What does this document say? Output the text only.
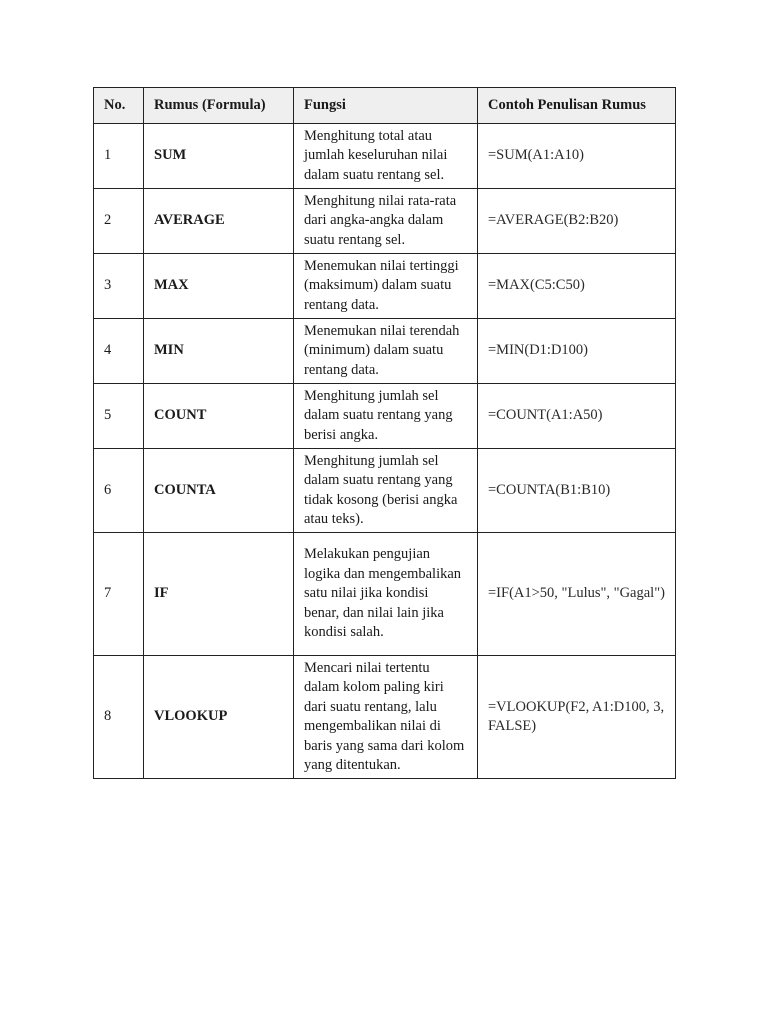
No.	Rumus (Formula)	Fungsi	Contoh Penulisan Rumus
1	SUM	Menghitung total atau jumlah keseluruhan nilai dalam suatu rentang sel.	=SUM(A1:A10)
2	AVERAGE	Menghitung nilai rata-rata dari angka-angka dalam suatu rentang sel.	=AVERAGE(B2:B20)
3	MAX	Menemukan nilai tertinggi (maksimum) dalam suatu rentang data.	=MAX(C5:C50)
4	MIN	Menemukan nilai terendah (minimum) dalam suatu rentang data.	=MIN(D1:D100)
5	COUNT	Menghitung jumlah sel dalam suatu rentang yang berisi angka.	=COUNT(A1:A50)
6	COUNTA	Menghitung jumlah sel dalam suatu rentang yang tidak kosong (berisi angka atau teks).	=COUNTA(B1:B10)
7	IF	Melakukan pengujian logika dan mengembalikan satu nilai jika kondisi benar, dan nilai lain jika kondisi salah.	=IF(A1>50, "Lulus", "Gagal")
8	VLOOKUP	Mencari nilai tertentu dalam kolom paling kiri dari suatu rentang, lalu mengembalikan nilai di baris yang sama dari kolom yang ditentukan.	=VLOOKUP(F2, A1:D100, 3, FALSE)
